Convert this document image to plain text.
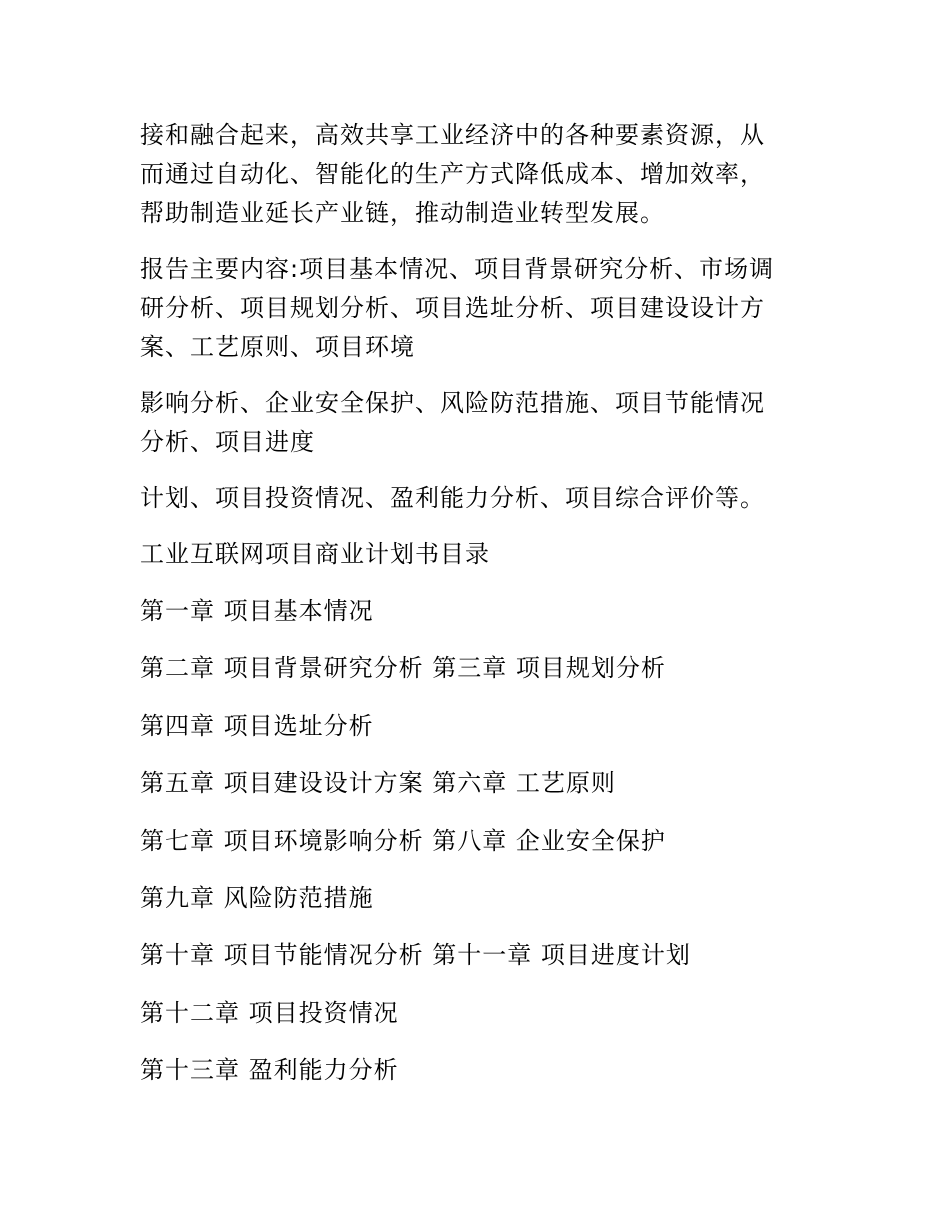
接和融合起来，高效共享工业经济中的各种要素资源，从
而通过自动化、智能化的生产方式降低成本、增加效率，
帮助制造业延长产业链，推动制造业转型发展。
报告主要内容:项目基本情况、项目背景研究分析、市场调
研分析、项目规划分析、项目选址分析、项目建设设计方
案、工艺原则、项目环境
影响分析、企业安全保护、风险防范措施、项目节能情况
分析、项目进度
计划、项目投资情况、盈利能力分析、项目综合评价等。
工业互联网项目商业计划书目录
第一章 项目基本情况
第二章 项目背景研究分析 第三章 项目规划分析
第四章 项目选址分析
第五章 项目建设设计方案 第六章 工艺原则
第七章 项目环境影响分析 第八章 企业安全保护
第九章 风险防范措施
第十章 项目节能情况分析 第十一章 项目进度计划
第十二章 项目投资情况
第十三章 盈利能力分析
